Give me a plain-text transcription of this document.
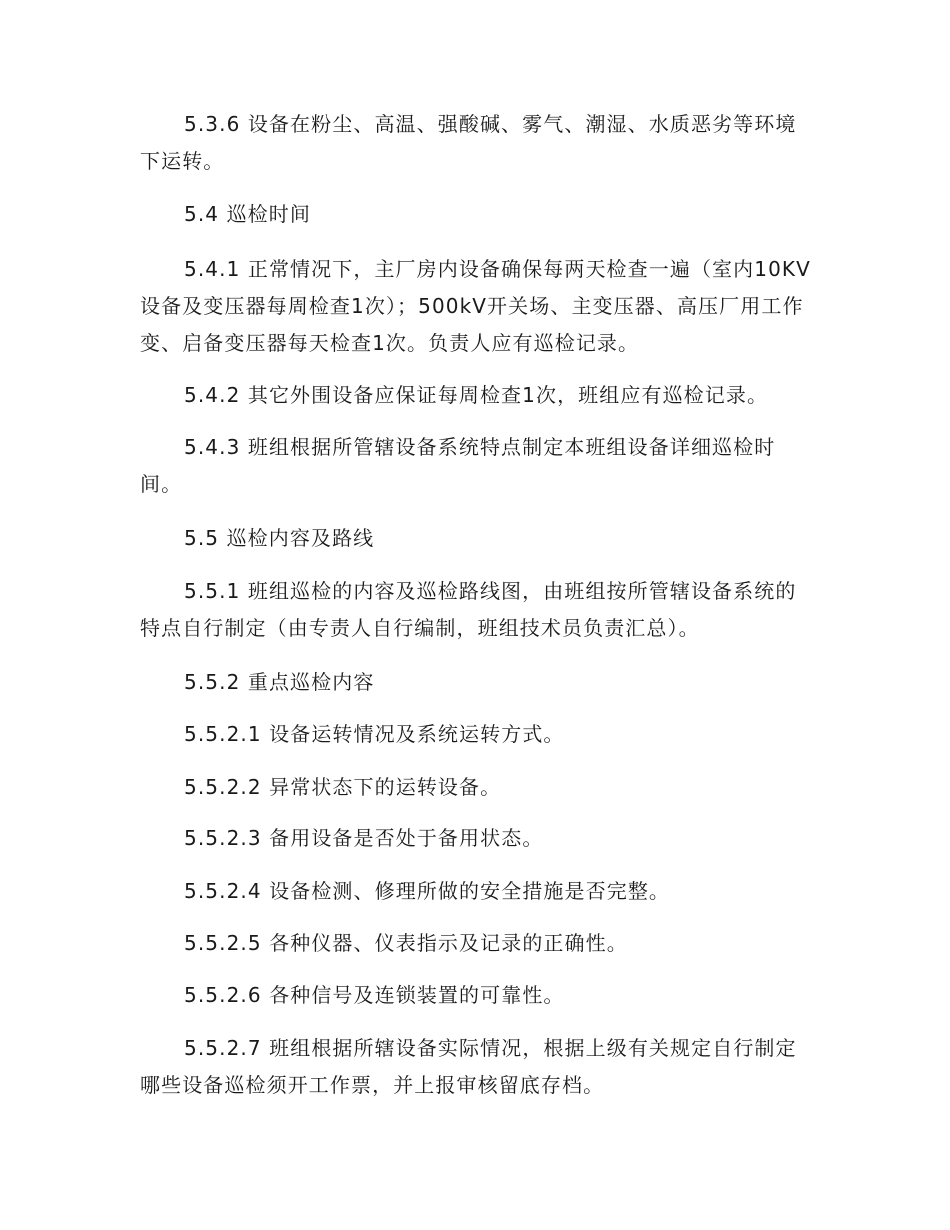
5.3.6 设备在粉尘、高温、强酸碱、雾气、潮湿、水质恶劣等环境下运转。

5.4 巡检时间

5.4.1 正常情况下，主厂房内设备确保每两天检查一遍（室内10KV设备及变压器每周检查1次）；500kV开关场、主变压器、高压厂用工作变、启备变压器每天检查1次。负责人应有巡检记录。

5.4.2 其它外围设备应保证每周检查1次，班组应有巡检记录。

5.4.3 班组根据所管辖设备系统特点制定本班组设备详细巡检时间。

5.5 巡检内容及路线

5.5.1 班组巡检的内容及巡检路线图，由班组按所管辖设备系统的特点自行制定（由专责人自行编制，班组技术员负责汇总）。

5.5.2 重点巡检内容

5.5.2.1 设备运转情况及系统运转方式。

5.5.2.2 异常状态下的运转设备。

5.5.2.3 备用设备是否处于备用状态。

5.5.2.4 设备检测、修理所做的安全措施是否完整。

5.5.2.5 各种仪器、仪表指示及记录的正确性。

5.5.2.6 各种信号及连锁装置的可靠性。

5.5.2.7 班组根据所辖设备实际情况，根据上级有关规定自行制定哪些设备巡检须开工作票，并上报审核留底存档。
